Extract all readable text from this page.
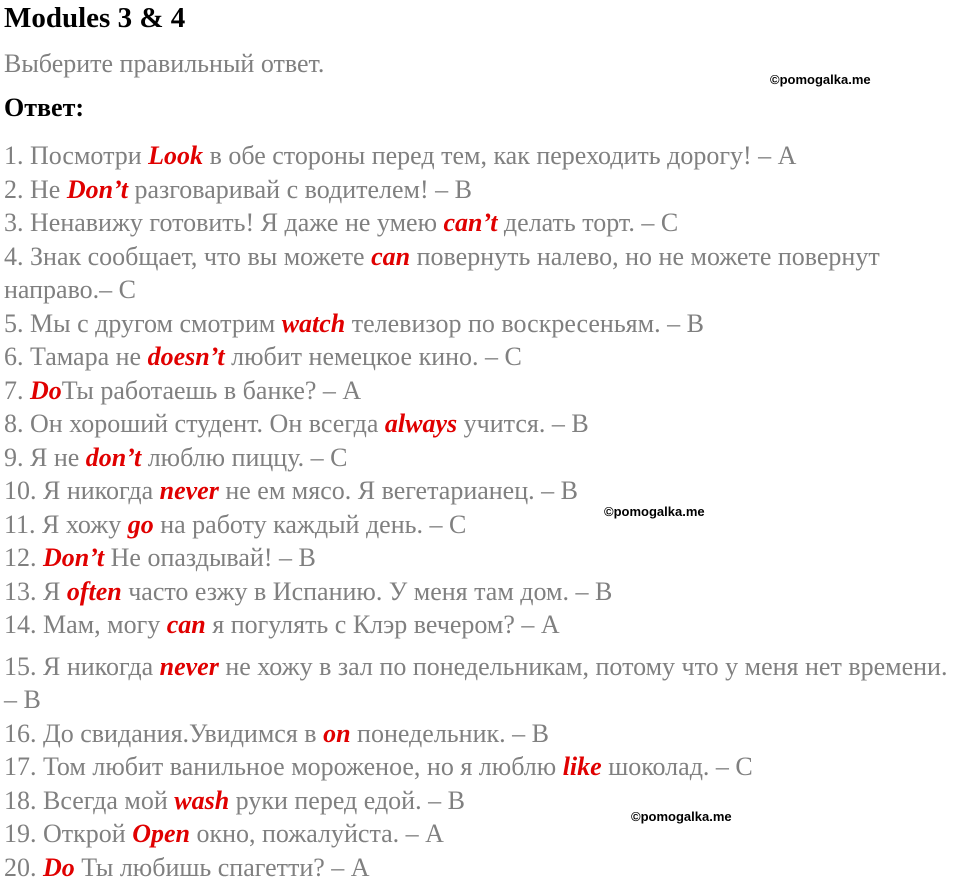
Modules 3 & 4
Выберите правильный ответ.
Ответ:
©pomogalka.me
©pomogalka.me
©pomogalka.me
1. Посмотри Look в обе стороны перед тем, как переходить дорогу! – А
2. Не Don’t разговаривай с водителем! – В
3. Ненавижу готовить! Я даже не умею can’t делать торт. – С
4. Знак сообщает, что вы можете can повернуть налево, но не можете повернут направо.– С
5. Мы с другом смотрим watch телевизор по воскресеньям. – В
6. Тамара не doesn’t любит немецкое кино. – С
7. DoТы работаешь в банке? – А
8. Он хороший студент. Он всегда always учится. – В
9. Я не don’t люблю пиццу. – С
10. Я никогда never не ем мясо. Я вегетарианец. – В
11. Я хожу go на работу каждый день. – С
12. Don’t Не опаздывай! – В
13. Я often часто езжу в Испанию. У меня там дом. – В
14. Мам, могу can я погулять с Клэр вечером? – А
15. Я никогда never не хожу в зал по понедельникам, потому что у меня нет времени. – В
16. До свидания.Увидимся в on понедельник. – В
17. Том любит ванильное мороженое, но я люблю like шоколад. – С
18. Всегда мой wash руки перед едой. – В
19. Открой Open окно, пожалуйста. – А
20. Do Ты любишь спагетти? – А
